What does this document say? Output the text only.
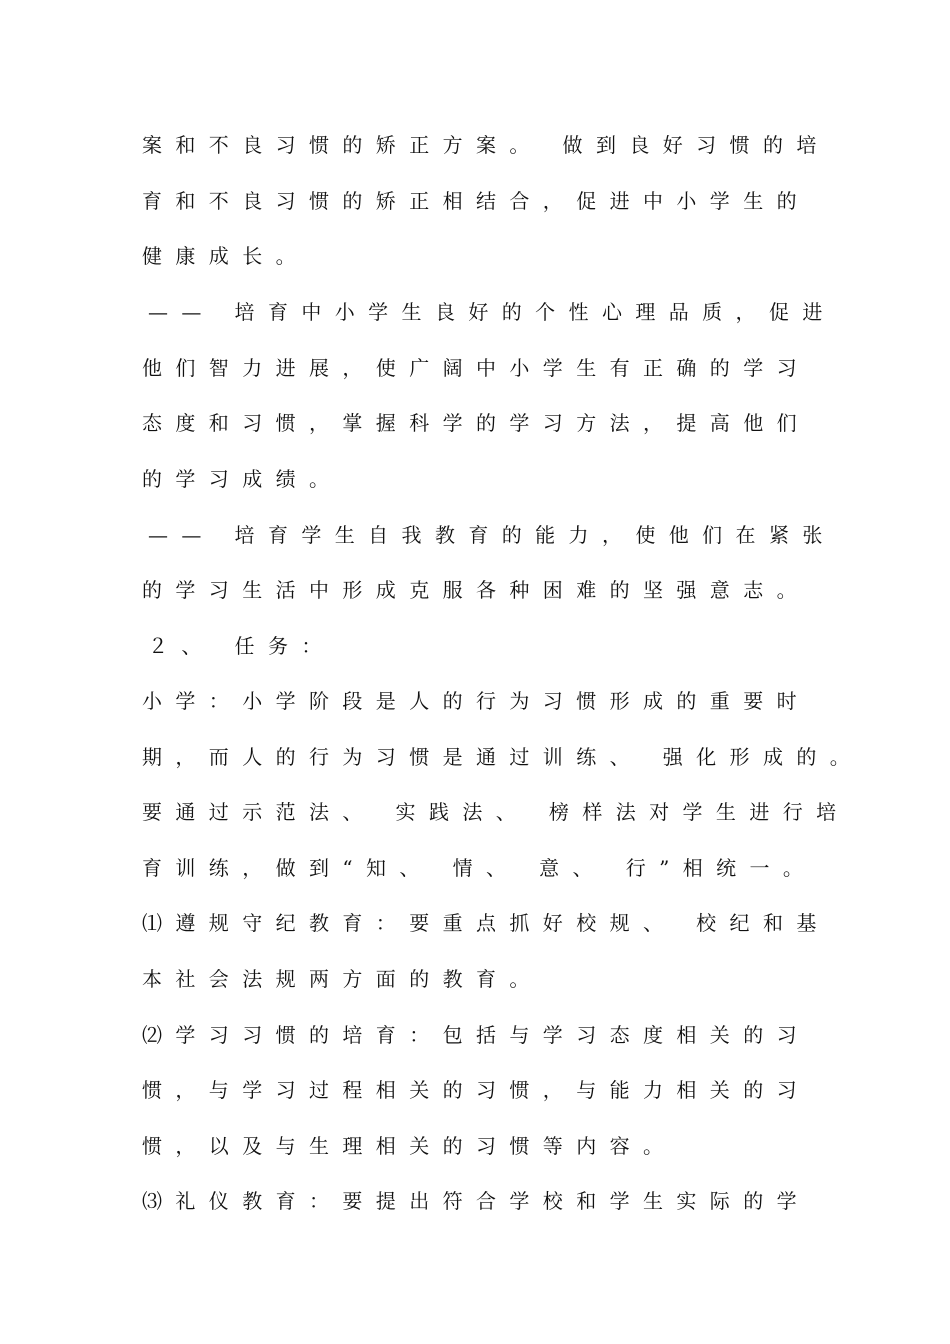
案和不良习惯的矫正方案。 做到良好习惯的培
育和不良习惯的矫正相结合，促进中小学生的
健康成长。
—— 培育中小学生良好的个性心理品质，促进
他们智力进展，使广阔中小学生有正确的学习
态度和习惯，掌握科学的学习方法，提高他们
的学习成绩。
—— 培育学生自我教育的能力，使他们在紧张
的学习生活中形成克服各种困难的坚强意志。
２、 任务：
小学：小学阶段是人的行为习惯形成的重要时
期，而人的行为习惯是通过训练、 强化形成的。
要通过示范法、 实践法、 榜样法对学生进行培
育训练，做到“知、 情、 意、 行”相统一。
⑴遵规守纪教育：要重点抓好校规、 校纪和基
本社会法规两方面的教育。
⑵学习习惯的培育：包括与学习态度相关的习
惯，与学习过程相关的习惯，与能力相关的习
惯，以及与生理相关的习惯等内容。
⑶礼仪教育：要提出符合学校和学生实际的学
